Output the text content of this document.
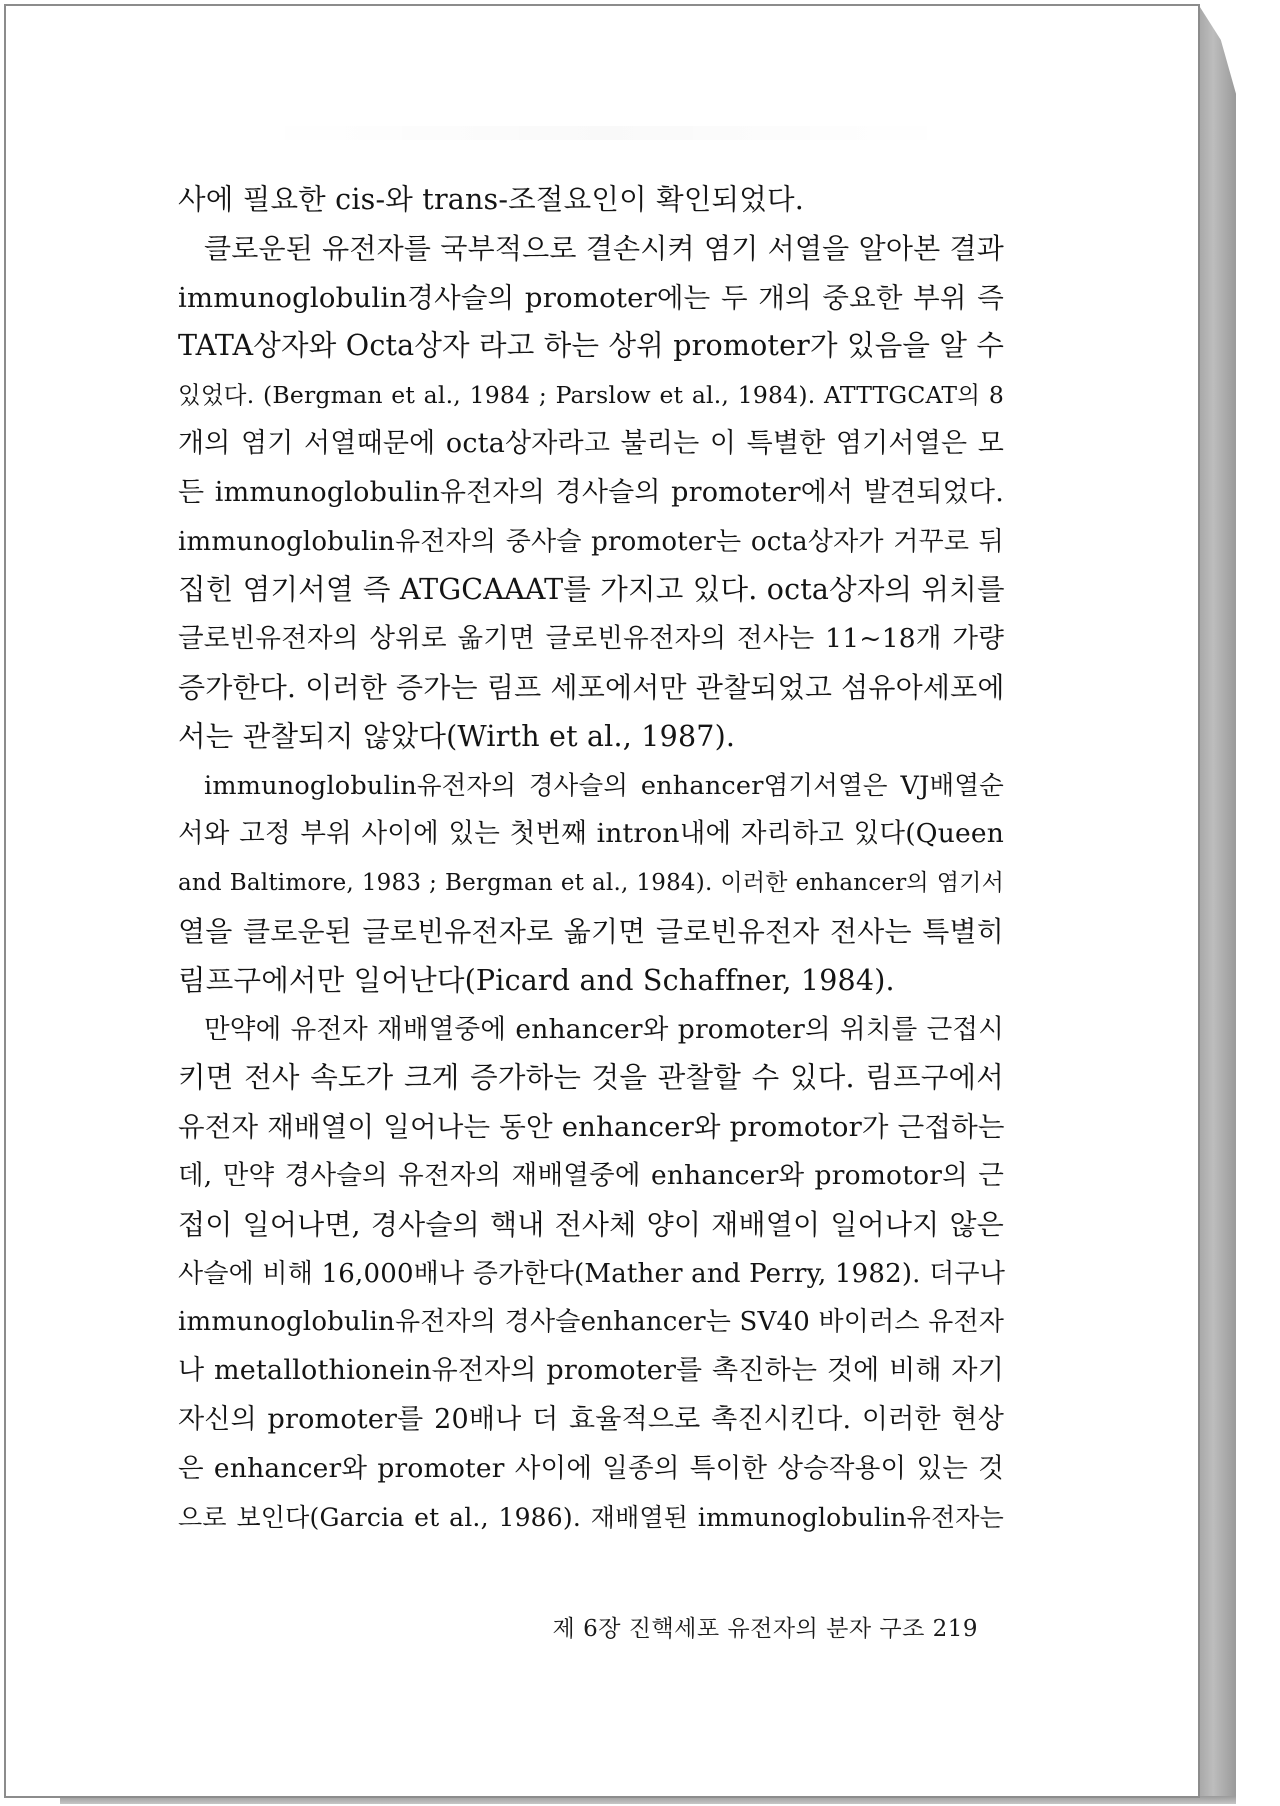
사에 필요한 cis-와 trans-조절요인이 확인되었다.
클로운된 유전자를 국부적으로 결손시켜 염기 서열을 알아본 결과
immunoglobulin경사슬의 promoter에는 두 개의 중요한 부위 즉
TATA상자와 Octa상자 라고 하는 상위 promoter가 있음을 알 수
있었다. (Bergman et al., 1984 ; Parslow et al., 1984). ATTTGCAT의 8
개의 염기 서열때문에 octa상자라고 불리는 이 특별한 염기서열은 모
든 immunoglobulin유전자의 경사슬의 promoter에서 발견되었다.
immunoglobulin유전자의 중사슬 promoter는 octa상자가 거꾸로 뒤
집힌 염기서열 즉 ATGCAAAT를 가지고 있다. octa상자의 위치를
글로빈유전자의 상위로 옮기면 글로빈유전자의 전사는 11~18개 가량
증가한다. 이러한 증가는 림프 세포에서만 관찰되었고 섬유아세포에
서는 관찰되지 않았다(Wirth et al., 1987).
immunoglobulin유전자의 경사슬의 enhancer염기서열은 VJ배열순
서와 고정 부위 사이에 있는 첫번째 intron내에 자리하고 있다(Queen
and Baltimore, 1983 ; Bergman et al., 1984). 이러한 enhancer의 염기서
열을 클로운된 글로빈유전자로 옮기면 글로빈유전자 전사는 특별히
림프구에서만 일어난다(Picard and Schaffner, 1984).
만약에 유전자 재배열중에 enhancer와 promoter의 위치를 근접시
키면 전사 속도가 크게 증가하는 것을 관찰할 수 있다. 림프구에서
유전자 재배열이 일어나는 동안 enhancer와 promotor가 근접하는
데, 만약 경사슬의 유전자의 재배열중에 enhancer와 promotor의 근
접이 일어나면, 경사슬의 핵내 전사체 양이 재배열이 일어나지 않은
사슬에 비해 16,000배나 증가한다(Mather and Perry, 1982). 더구나
immunoglobulin유전자의 경사슬enhancer는 SV40 바이러스 유전자
나 metallothionein유전자의 promoter를 촉진하는 것에 비해 자기
자신의 promoter를 20배나 더 효율적으로 촉진시킨다. 이러한 현상
은 enhancer와 promoter 사이에 일종의 특이한 상승작용이 있는 것
으로 보인다(Garcia et al., 1986). 재배열된 immunoglobulin유전자는
제 6장 진핵세포 유전자의 분자 구조 219
